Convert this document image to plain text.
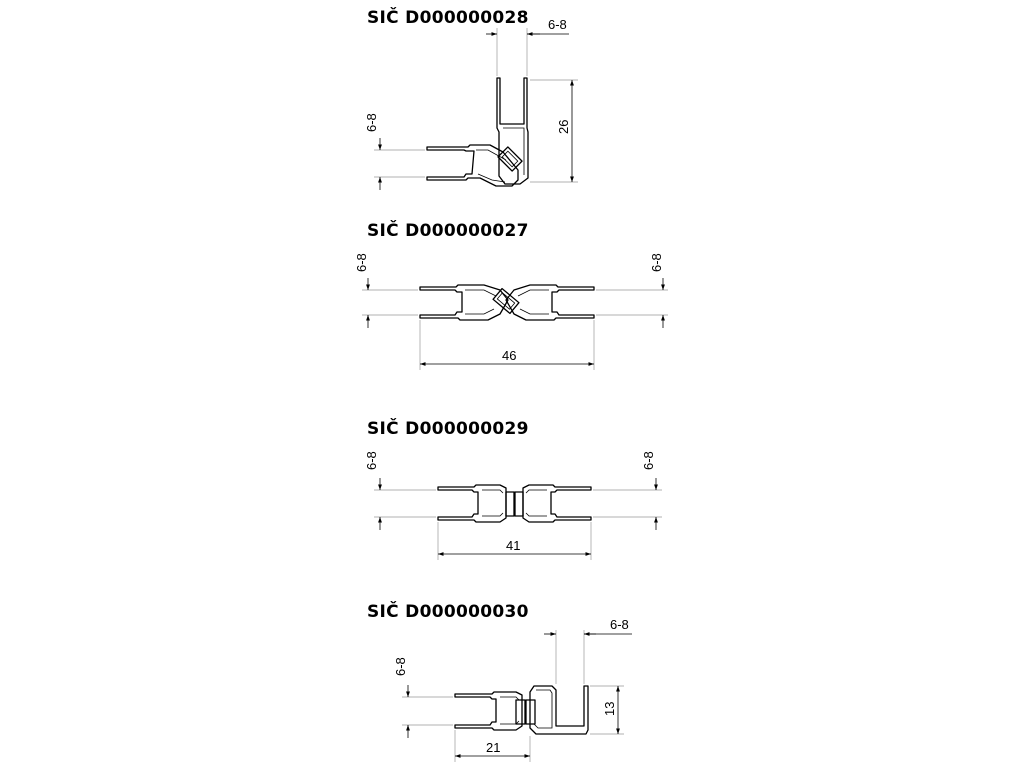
SIČ D000000028
SIČ D000000027
SIČ D000000029
SIČ D000000030
6-8
26
6-8
6-8	6-8
46
6-8	6-8
41
6-8
6-8
13
21
